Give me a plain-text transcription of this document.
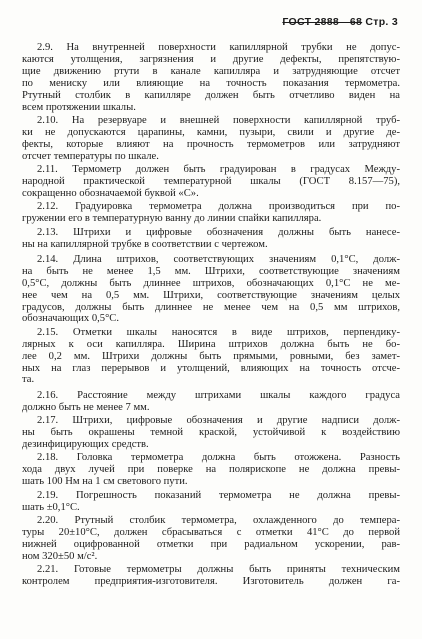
ГОСТ 2888—68 Стр. 3
2.9. На внутренней поверхности капиллярной трубки не допус-
каются утолщения, загрязнения и другие дефекты, препятствую-
щие движению ртути в канале капилляра и затрудняющие отсчет
по мениску или влияющие на точность показания термометра.
Ртутный столбик в капилляре должен быть отчетливо виден на
всем протяжении шкалы.
2.10. На резервуаре и внешней поверхности капиллярной труб-
ки не допускаются царапины, камни, пузыри, свили и другие де-
фекты, которые влияют на прочность термометров или затрудняют
отсчет температуры по шкале.
2.11. Термометр должен быть градуирован в градусах Между-
народной практической температурной шкалы (ГОСТ 8.157—75),
сокращенно обозначаемой буквой «С».
2.12. Градуировка термометра должна производиться при по-
гружении его в температурную ванну до линии спайки капилляра.
2.13. Штрихи и цифровые обозначения должны быть нанесе-
ны на капиллярной трубке в соответствии с чертежом.
2.14. Длина штрихов, соответствующих значениям 0,1°С, долж-
на быть не менее 1,5 мм. Штрихи, соответствующие значениям
0,5°С, должны быть длиннее штрихов, обозначающих 0,1°С не ме-
нее чем на 0,5 мм. Штрихи, соответствующие значениям целых
градусов, должны быть длиннее не менее чем на 0,5 мм штрихов,
обозначающих 0,5°С.
2.15. Отметки шкалы наносятся в виде штрихов, перпендику-
лярных к оси капилляра. Ширина штрихов должна быть не бо-
лее 0,2 мм. Штрихи должны быть прямыми, ровными, без замет-
ных на глаз перерывов и утолщений, влияющих на точность отсче-
та.
2.16. Расстояние между штрихами шкалы каждого градуса
должно быть не менее 7 мм.
2.17. Штрихи, цифровые обозначения и другие надписи долж-
ны быть окрашены темной краской, устойчивой к воздействию
дезинфицирующих средств.
2.18. Головка термометра должна быть отожжена. Разность
хода двух лучей при поверке на полярископе не должна превы-
шать 100 Нм на 1 см светового пути.
2.19. Погрешность показаний термометра не должна превы-
шать ±0,1°С.
2.20. Ртутный столбик термометра, охлажденного до темпера-
туры 20±10°С, должен сбрасываться с отметки 41°С до первой
нижней оцифрованной отметки при радиальном ускорении, рав-
ном 320±50 м/с².
2.21. Готовые термометры должны быть приняты техническим
контролем предприятия-изготовителя. Изготовитель должен га-
